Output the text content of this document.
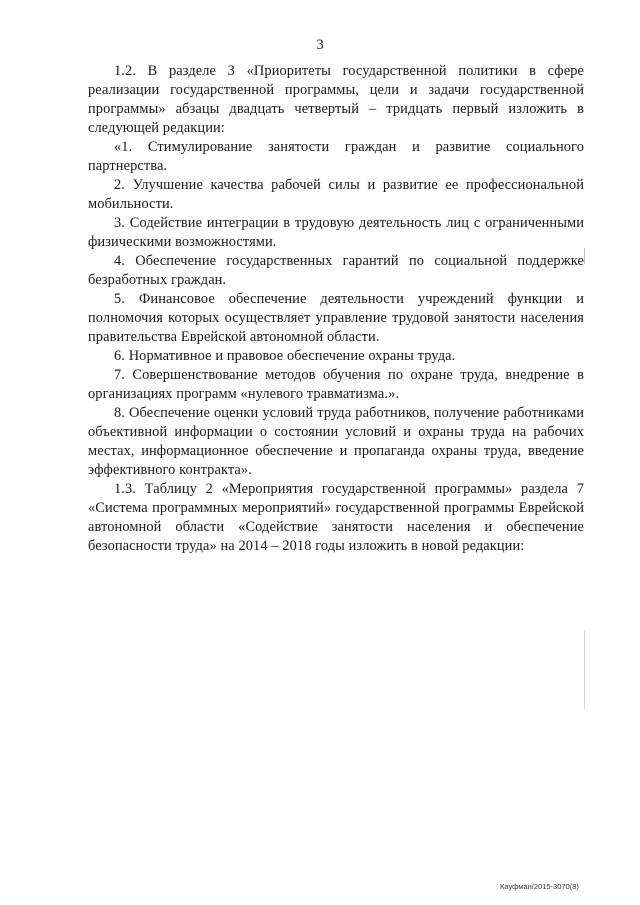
3

1.2. В разделе 3 «Приоритеты государственной политики в сфере реализации государственной программы, цели и задачи государственной программы» абзацы двадцать четвертый – тридцать первый изложить в следующей редакции:

«1. Стимулирование занятости граждан и развитие социального партнерства.

2. Улучшение качества рабочей силы и развитие ее профессиональной мобильности.

3. Содействие интеграции в трудовую деятельность лиц с ограниченными физическими возможностями.

4. Обеспечение государственных гарантий по социальной поддержке безработных граждан.

5. Финансовое обеспечение деятельности учреждений функции и полномочия которых осуществляет управление трудовой занятости населения правительства Еврейской автономной области.

6. Нормативное и правовое обеспечение охраны труда.

7. Совершенствование методов обучения по охране труда, внедрение в организациях программ «нулевого травматизма.».

8. Обеспечение оценки условий труда работников, получение работниками объективной информации о состоянии условий и охраны труда на рабочих местах, информационное обеспечение и пропаганда охраны труда, введение эффективного контракта».

1.3. Таблицу 2 «Мероприятия государственной программы» раздела 7 «Система программных мероприятий» государственной программы Еврейской автономной области «Содействие занятости населения и обеспечение безопасности труда» на 2014 – 2018 годы изложить в новой редакции:

Кауфман/2015-3070(8)
